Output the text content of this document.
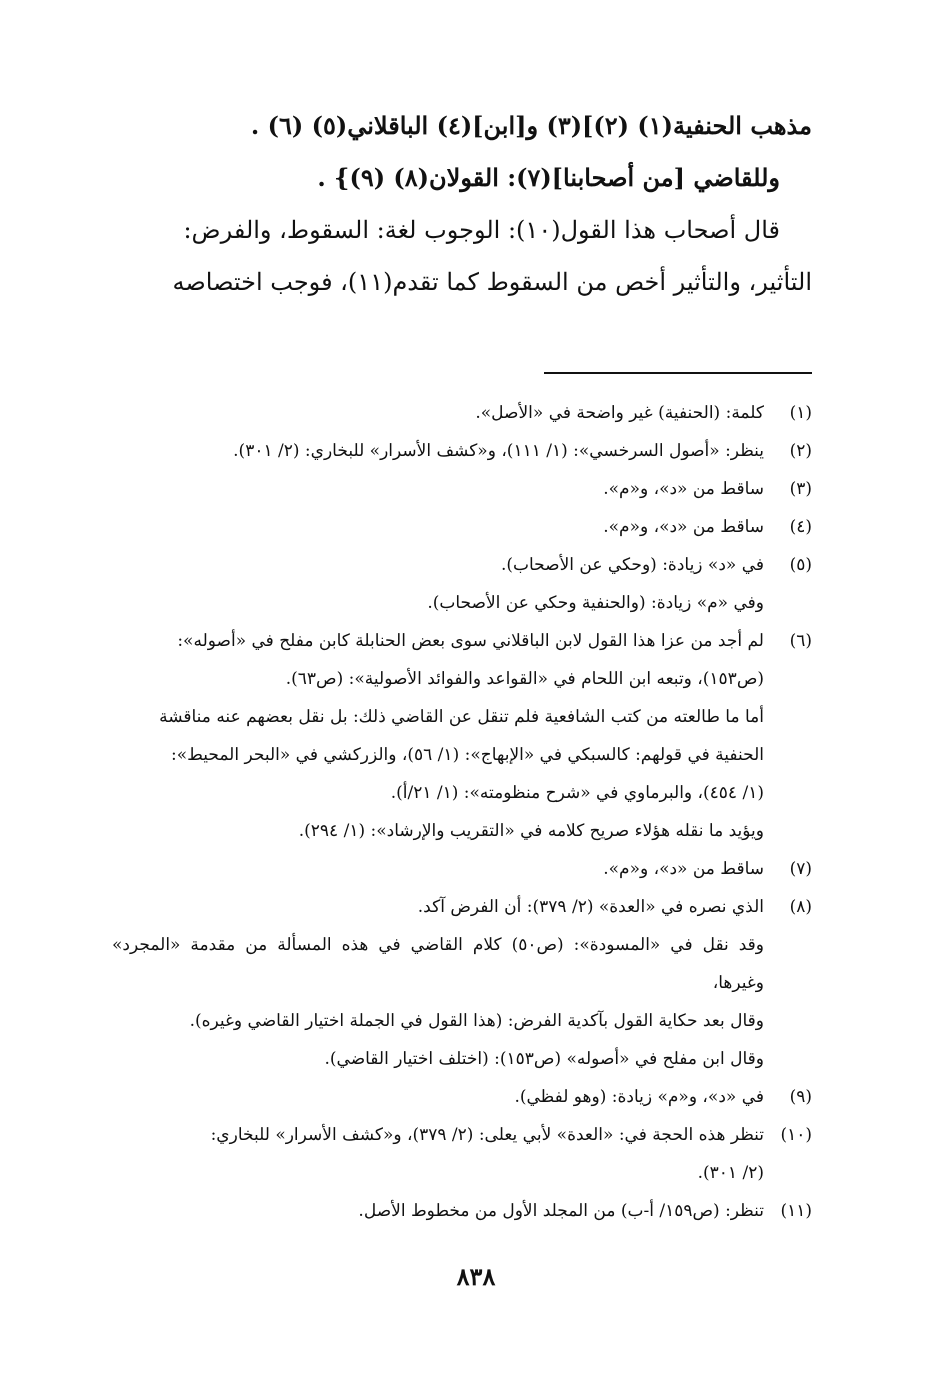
مذهب الحنفية(١) (٢)](٣) و[ابن](٤) الباقلاني(٥) (٦) .

وللقاضي [من أصحابنا](٧): القولان(٨) (٩)} .

قال أصحاب هذا القول(١٠): الوجوب لغة: السقوط، والفرض:

التأثير، والتأثير أخص من السقوط كما تقدم(١١)، فوجب اختصاصه

(١)
كلمة: (الحنفية) غير واضحة في «الأصل».
(٢)
ينظر: «أصول السرخسي»: (١/ ١١١)، و«كشف الأسرار» للبخاري: (٢/ ٣٠١).
(٣)
ساقط من «د»، و«م».
(٤)
ساقط من «د»، و«م».
(٥)
في «د» زيادة: (وحكي عن الأصحاب).
وفي «م» زيادة: (والحنفية وحكي عن الأصحاب).
(٦)
لم أجد من عزا هذا القول لابن الباقلاني سوى بعض الحنابلة كابن مفلح في «أصوله»:
(ص١٥٣)، وتبعه ابن اللحام في «القواعد والفوائد الأصولية»: (ص٦٣).
أما ما طالعته من كتب الشافعية فلم تنقل عن القاضي ذلك: بل نقل بعضهم عنه مناقشة
الحنفية في قولهم: كالسبكي في «الإبهاج»: (١/ ٥٦)، والزركشي في «البحر المحيط»:
(١/ ٤٥٤)، والبرماوي في «شرح منظومته»: (١/ ٢١/أ).
ويؤيد ما نقله هؤلاء صريح كلامه في «التقريب والإرشاد»: (١/ ٢٩٤).
(٧)
ساقط من «د»، و«م».
(٨)
الذي نصره في «العدة» (٢/ ٣٧٩): أن الفرض آكد.
وقد نقل في «المسودة»: (ص٥٠) كلام القاضي في هذه المسألة من مقدمة «المجرد» وغيرها،
وقال بعد حكاية القول بآكدية الفرض: (هذا القول في الجملة اختيار القاضي وغيره).
وقال ابن مفلح في «أصوله» (ص١٥٣): (اختلف اختيار القاضي).
(٩)
في «د»، و«م» زيادة: (وهو لفظي).
(١٠)
تنظر هذه الحجة في: «العدة» لأبي يعلى: (٢/ ٣٧٩)، و«كشف الأسرار» للبخاري:
(٢/ ٣٠١).
(١١)
تنظر: (ص١٥٩/ أ-ب) من المجلد الأول من مخطوط الأصل.
٨٣٨
